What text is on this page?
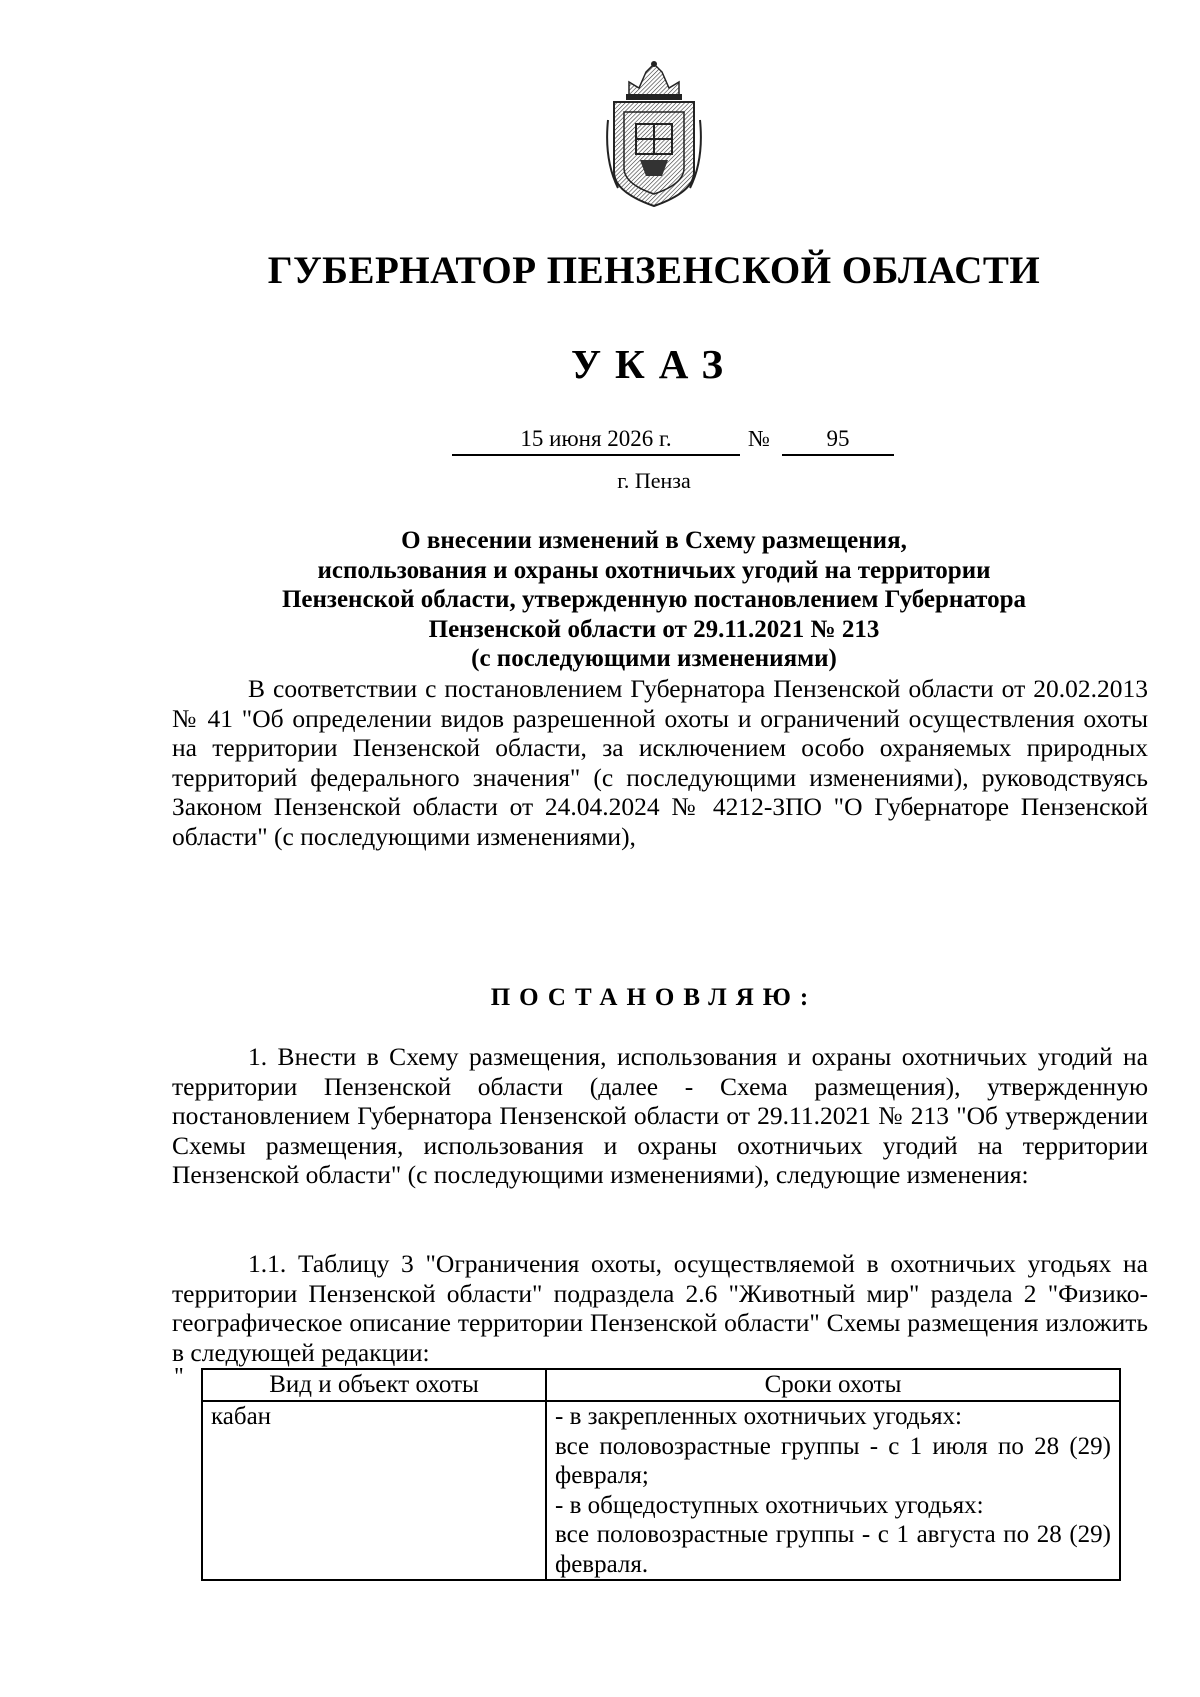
ГУБЕРНАТОР ПЕНЗЕНСКОЙ ОБЛАСТИ
УКАЗ
15 июня 2026 г.	№	95
г. Пенза
О внесении изменений в Схему размещения,
использования и охраны охотничьих угодий на территории
Пензенской области, утвержденную постановлением Губернатора
Пензенской области от 29.11.2021 № 213
(с последующими изменениями)
В соответствии с постановлением Губернатора Пензенской области от 20.02.2013 № 41 "Об определении видов разрешенной охоты и ограничений осуществления охоты на территории Пензенской области, за исключением особо охраняемых природных территорий федерального значения" (с последующими изменениями), руководствуясь Законом Пензенской области от 24.04.2024 № 4212-ЗПО "О Губернаторе Пензенской области" (с последующими изменениями),
ПОСТАНОВЛЯЮ:
1. Внести в Схему размещения, использования и охраны охотничьих угодий на территории Пензенской области (далее - Схема размещения), утвержденную постановлением Губернатора Пензенской области от 29.11.2021 № 213 "Об утверждении Схемы размещения, использования и охраны охотничьих угодий на территории Пензенской области" (с последующими изменениями), следующие изменения:
1.1. Таблицу 3 "Ограничения охоты, осуществляемой в охотничьих угодьях на территории Пензенской области" подраздела 2.6 "Животный мир" раздела 2 "Физико-географическое описание территории Пензенской области" Схемы размещения изложить в следующей редакции:
"	Вид и объект охоты	Сроки охоты
кабан	- в закрепленных охотничьих угодьях:
все половозрастные группы - с 1 июля по 28 (29) февраля;
- в общедоступных охотничьих угодьях:
все половозрастные группы - с 1 августа по 28 (29) февраля.
